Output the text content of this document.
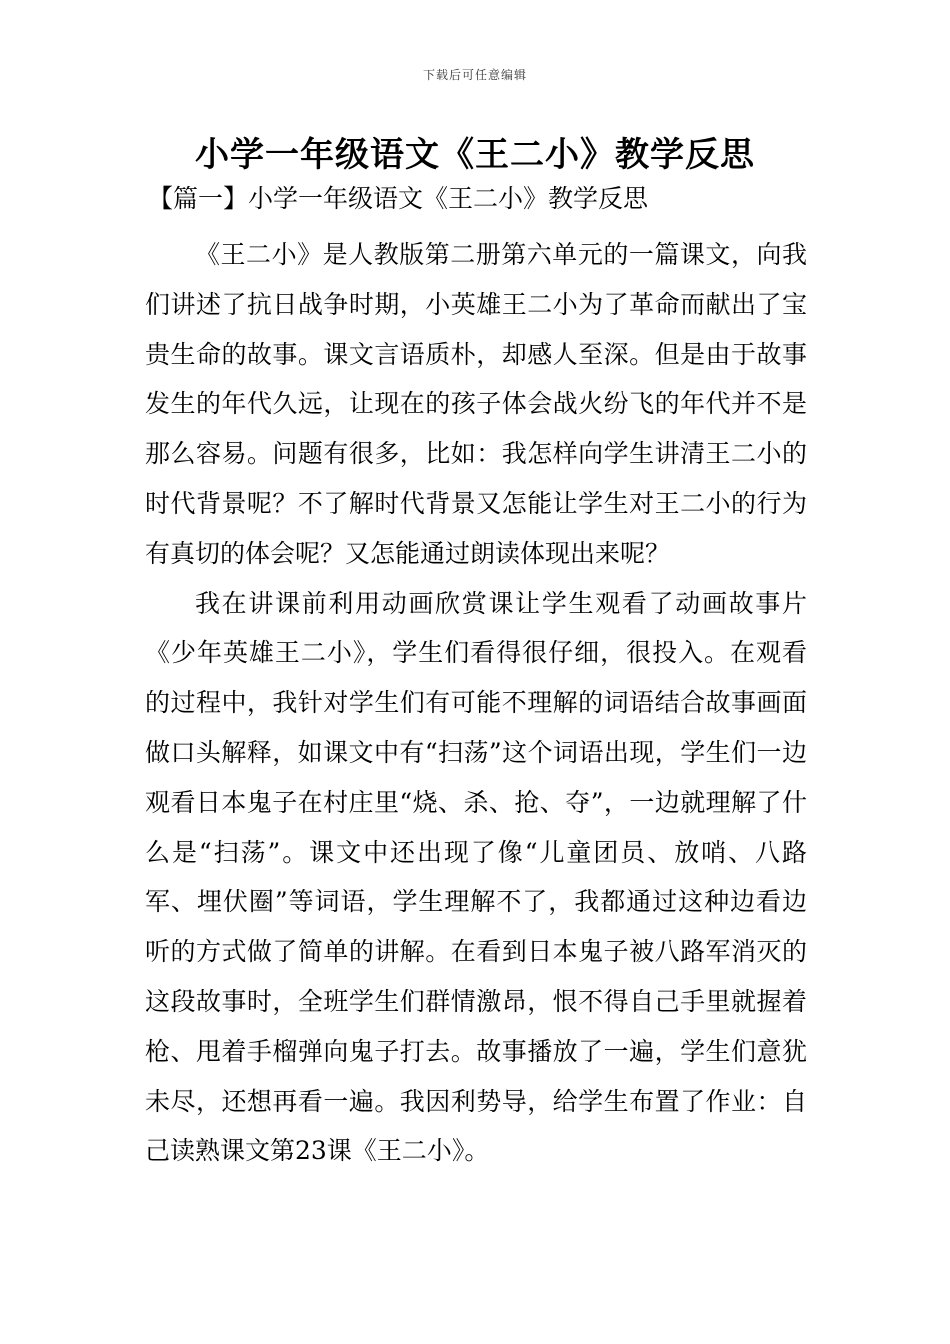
下载后可任意编辑
小学一年级语文《王二小》教学反思
【篇一】小学一年级语文《王二小》教学反思

《王二小》是人教版第二册第六单元的一篇课文，向我们讲述了抗日战争时期，小英雄王二小为了革命而献出了宝贵生命的故事。课文言语质朴，却感人至深。但是由于故事发生的年代久远，让现在的孩子体会战火纷飞的年代并不是那么容易。问题有很多，比如：我怎样向学生讲清王二小的时代背景呢？不了解时代背景又怎能让学生对王二小的行为有真切的体会呢？又怎能通过朗读体现出来呢？

我在讲课前利用动画欣赏课让学生观看了动画故事片《少年英雄王二小》，学生们看得很仔细，很投入。在观看的过程中，我针对学生们有可能不理解的词语结合故事画面做口头解释，如课文中有“扫荡”这个词语出现，学生们一边观看日本鬼子在村庄里“烧、杀、抢、夺”，一边就理解了什么是“扫荡”。课文中还出现了像“儿童团员、放哨、八路军、埋伏圈”等词语，学生理解不了，我都通过这种边看边听的方式做了简单的讲解。在看到日本鬼子被八路军消灭的这段故事时，全班学生们群情激昂，恨不得自己手里就握着枪、甩着手榴弹向鬼子打去。故事播放了一遍，学生们意犹未尽，还想再看一遍。我因利势导，给学生布置了作业：自己读熟课文第23课《王二小》。
